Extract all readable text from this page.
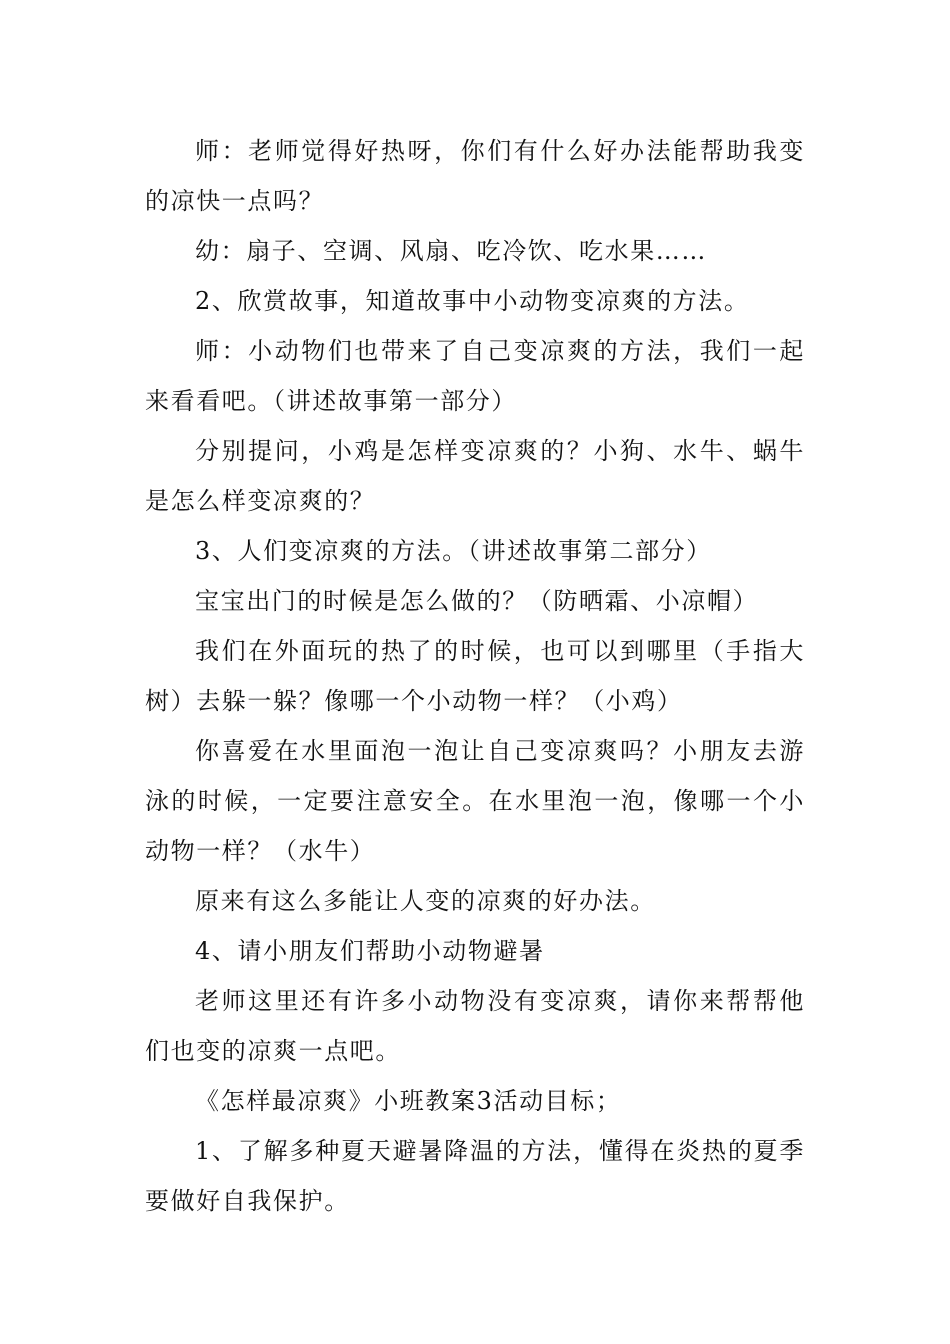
师：老师觉得好热呀，你们有什么好办法能帮助我变的凉快一点吗？

幼：扇子、空调、风扇、吃冷饮、吃水果……

2、欣赏故事，知道故事中小动物变凉爽的方法。

师：小动物们也带来了自己变凉爽的方法，我们一起来看看吧。（讲述故事第一部分）

分别提问，小鸡是怎样变凉爽的？小狗、水牛、蜗牛是怎么样变凉爽的？

3、人们变凉爽的方法。（讲述故事第二部分）

宝宝出门的时候是怎么做的？（防晒霜、小凉帽）

我们在外面玩的热了的时候，也可以到哪里（手指大树）去躲一躲？像哪一个小动物一样？（小鸡）

你喜爱在水里面泡一泡让自己变凉爽吗？小朋友去游泳的时候，一定要注意安全。在水里泡一泡，像哪一个小动物一样？（水牛）

原来有这么多能让人变的凉爽的好办法。

4、请小朋友们帮助小动物避暑

老师这里还有许多小动物没有变凉爽，请你来帮帮他们也变的凉爽一点吧。

《怎样最凉爽》小班教案3活动目标；

1、了解多种夏天避暑降温的方法，懂得在炎热的夏季要做好自我保护。
